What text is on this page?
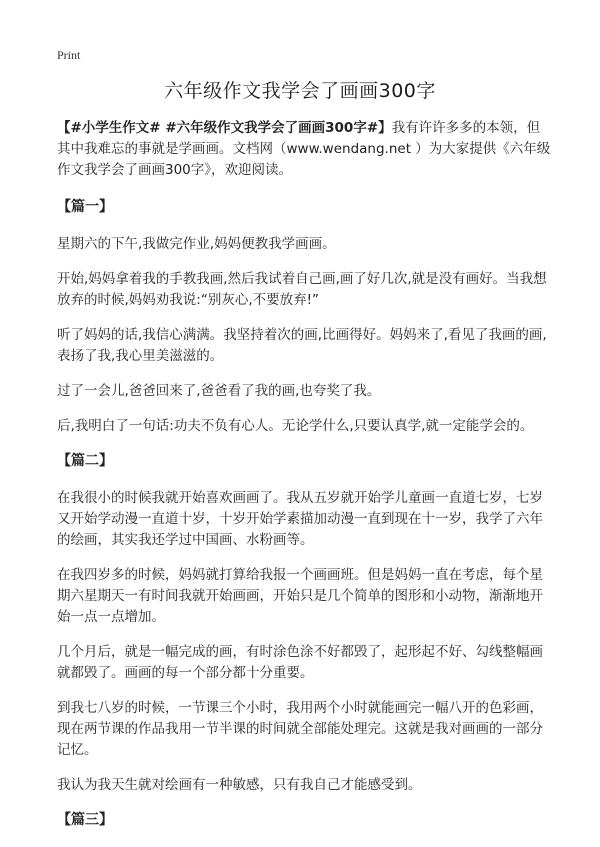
Print
六年级作文我学会了画画300字

【#小学生作文# #六年级作文我学会了画画300字#】我有许许多多的本领，但其中我难忘的事就是学画画。文档网（www.wendang.net ）为大家提供《六年级作文我学会了画画300字》，欢迎阅读。

【篇一】

星期六的下午,我做完作业,妈妈便教我学画画。

开始,妈妈拿着我的手教我画,然后我试着自己画,画了好几次,就是没有画好。当我想放弃的时候,妈妈劝我说:“别灰心,不要放弃!”

听了妈妈的话,我信心满满。我坚持着次的画,比画得好。妈妈来了,看见了我画的画,表扬了我,我心里美滋滋的。

过了一会儿,爸爸回来了,爸爸看了我的画,也夸奖了我。

后,我明白了一句话:功夫不负有心人。无论学什么,只要认真学,就一定能学会的。

【篇二】

在我很小的时候我就开始喜欢画画了。我从五岁就开始学儿童画一直道七岁，七岁又开始学动漫一直道十岁，十岁开始学素描加动漫一直到现在十一岁，我学了六年的绘画，其实我还学过中国画、水粉画等。

在我四岁多的时候，妈妈就打算给我报一个画画班。但是妈妈一直在考虑，每个星期六星期天一有时间我就开始画画，开始只是几个简单的图形和小动物，渐渐地开始一点一点增加。

几个月后，就是一幅完成的画，有时涂色涂不好都毁了，起形起不好、勾线整幅画就都毁了。画画的每一个部分都十分重要。

到我七八岁的时候，一节课三个小时，我用两个小时就能画完一幅八开的色彩画，现在两节课的作品我用一节半课的时间就全部能处理完。这就是我对画画的一部分记忆。

我认为我天生就对绘画有一种敏感，只有我自己才能感受到。

【篇三】
